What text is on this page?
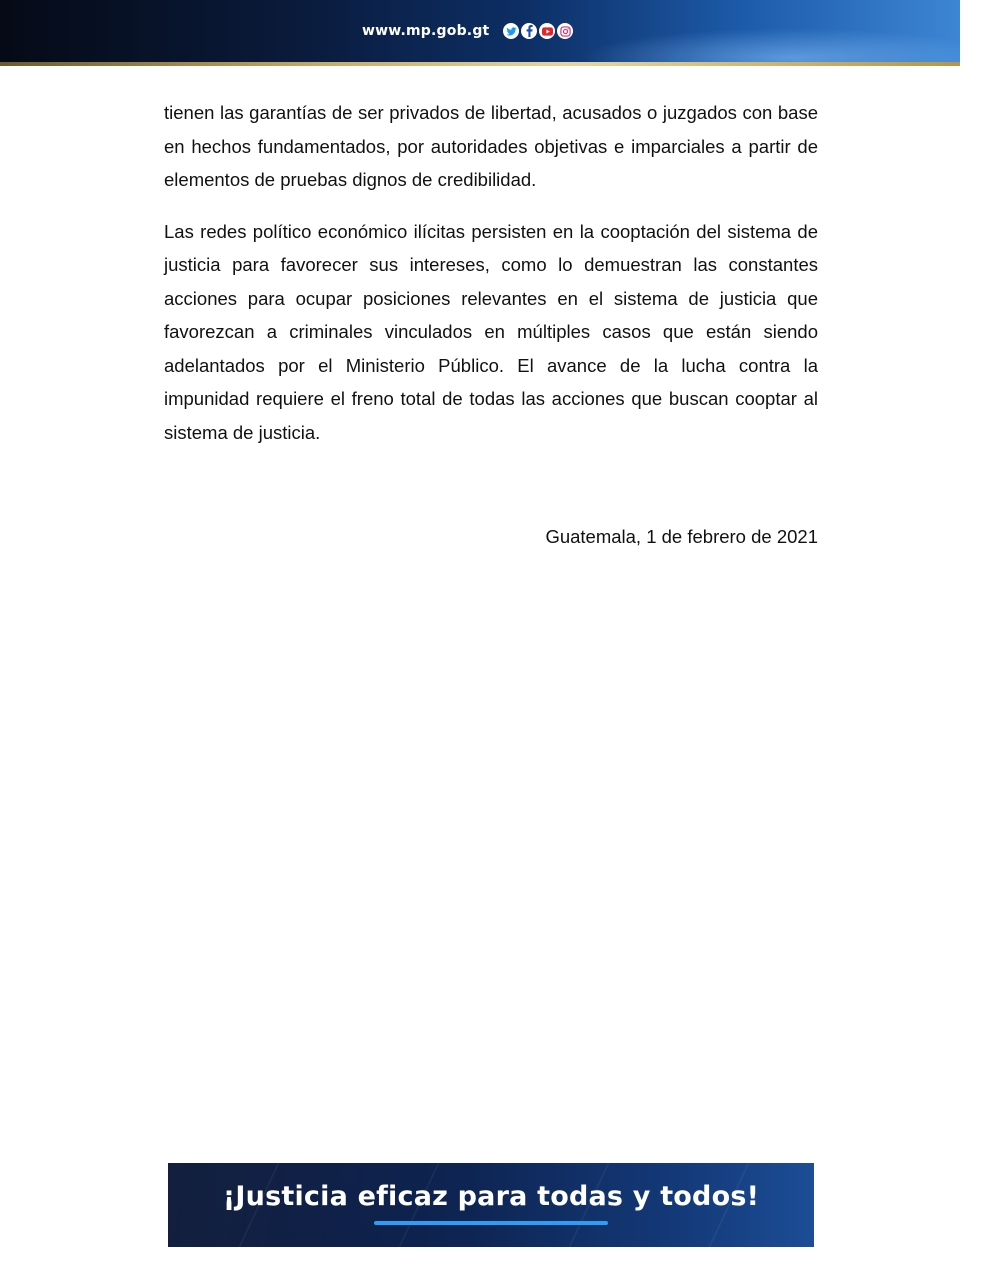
www.mp.gob.gt

tienen las garantías de ser privados de libertad, acusados o juzgados con base en hechos fundamentados, por autoridades objetivas e imparciales a partir de elementos de pruebas dignos de credibilidad.

Las redes político económico ilícitas persisten en la cooptación del sistema de justicia para favorecer sus intereses, como lo demuestran las constantes acciones para ocupar posiciones relevantes en el sistema de justicia que favorezcan a criminales vinculados en múltiples casos que están siendo adelantados por el Ministerio Público. El avance de la lucha contra la impunidad requiere el freno total de todas las acciones que buscan cooptar al sistema de justicia.

Guatemala, 1 de febrero de 2021
¡Justicia eficaz para todas y todos!
